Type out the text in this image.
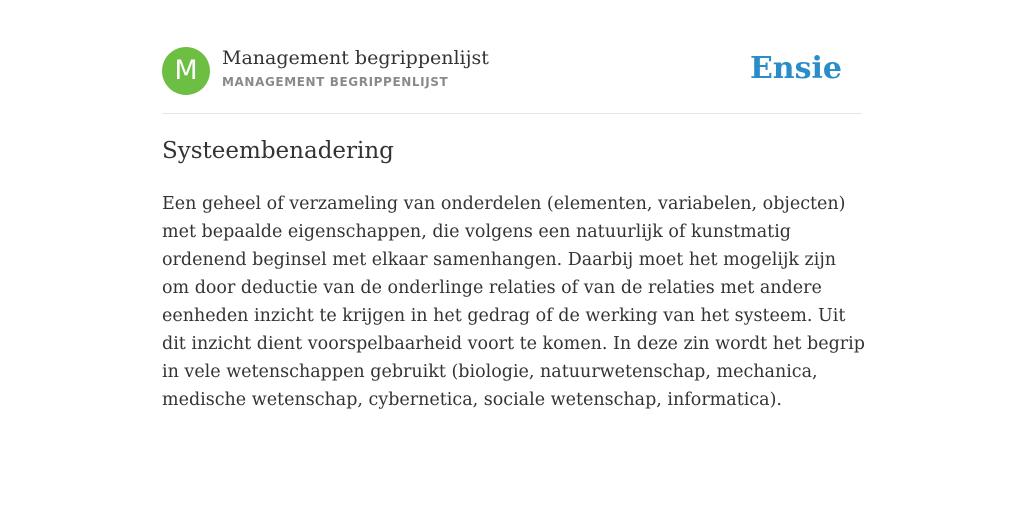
M	Management begrippenlijst
MANAGEMENT BEGRIPPENLIJST	Ensie
Systeembenadering

Een geheel of verzameling van onderdelen (elementen, variabelen, objecten) met bepaalde eigenschappen, die volgens een natuurlijk of kunstmatig ordenend beginsel met elkaar samenhangen. Daarbij moet het mogelijk zijn om door deductie van de onderlinge relaties of van de relaties met andere eenheden inzicht te krijgen in het gedrag of de werking van het systeem. Uit dit inzicht dient voorspelbaarheid voort te komen. In deze zin wordt het begrip in vele wetenschappen gebruikt (biologie, natuurwetenschap, mechanica, medische wetenschap, cybernetica, sociale wetenschap, informatica).
